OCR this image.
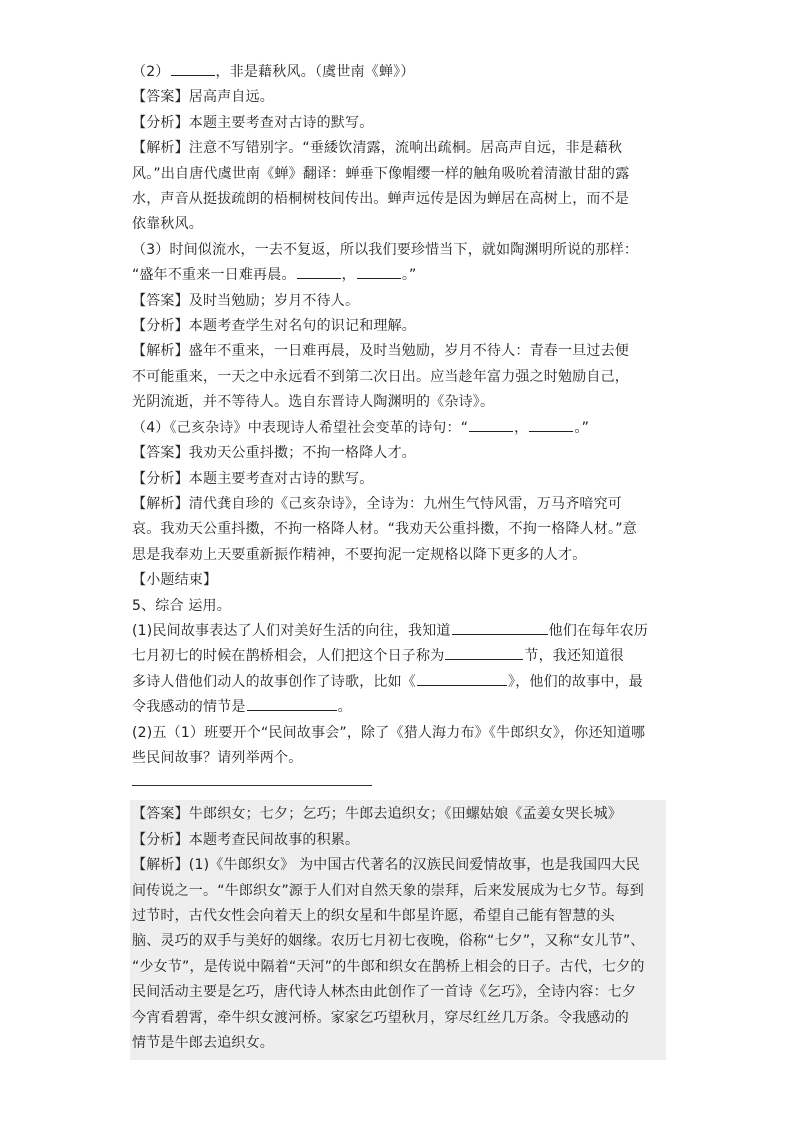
（2）	，非是藉秋风。（虞世南《蝉》）
【答案】居高声自远。
【分析】本题主要考查对古诗的默写。
【解析】注意不写错别字。“垂緌饮清露，流响出疏桐。居高声自远，非是藉秋
风。”出自唐代虞世南《蝉》翻译：蝉垂下像帽缨一样的触角吸吮着清澈甘甜的露
水，声音从挺拔疏朗的梧桐树枝间传出。蝉声远传是因为蝉居在高树上，而不是
依靠秋风。
（3）时间似流水，一去不复返，所以我们要珍惜当下，就如陶渊明所说的那样：
“盛年不重来一日难再晨。	，	。”
【答案】及时当勉励；岁月不待人。
【分析】本题考查学生对名句的识记和理解。
【解析】盛年不重来，一日难再晨，及时当勉励，岁月不待人：青春一旦过去便
不可能重来，一天之中永远看不到第二次日出。应当趁年富力强之时勉励自己，
光阴流逝，并不等待人。选自东晋诗人陶渊明的《杂诗》。
（4）《己亥杂诗》中表现诗人希望社会变革的诗句：“	，	。”
【答案】我劝天公重抖擞；不拘一格降人才。
【分析】本题主要考查对古诗的默写。
【解析】清代龚自珍的《己亥杂诗》，全诗为：九州生气恃风雷，万马齐喑究可
哀。我劝天公重抖擞，不拘一格降人材。“我劝天公重抖擞，不拘一格降人材。”意
思是我奉劝上天要重新振作精神，不要拘泥一定规格以降下更多的人才。
【小题结束】
5、综合 运用。
(1)民间故事表达了人们对美好生活的向往，我知道	他们在每年农历
七月初七的时候在鹊桥相会，人们把这个日子称为	节，我还知道很
多诗人借他们动人的故事创作了诗歌，比如《	》，他们的故事中，最
令我感动的情节是	。
(2)五（1）班要开个“民间故事会”，除了《猎人海力布》《牛郎织女》，你还知道哪
些民间故事？请列举两个。
【答案】牛郎织女；七夕；乞巧；牛郎去追织女；《田螺姑娘《孟姜女哭长城》
【分析】本题考查民间故事的积累。
【解析】(1)《牛郎织女》 为中国古代著名的汉族民间爱情故事，也是我国四大民
间传说之一。“牛郎织女”源于人们对自然天象的崇拜，后来发展成为七夕节。每到
过节时，古代女性会向着天上的织女星和牛郎星许愿，希望自己能有智慧的头
脑、灵巧的双手与美好的姻缘。农历七月初七夜晚，俗称“七夕”，又称“女儿节”、
“少女节”，是传说中隔着“天河”的牛郎和织女在鹊桥上相会的日子。古代，七夕的
民间活动主要是乞巧，唐代诗人林杰由此创作了一首诗《乞巧》，全诗内容：七夕
今宵看碧霄，牵牛织女渡河桥。家家乞巧望秋月，穿尽红丝几万条。令我感动的
情节是牛郎去追织女。
